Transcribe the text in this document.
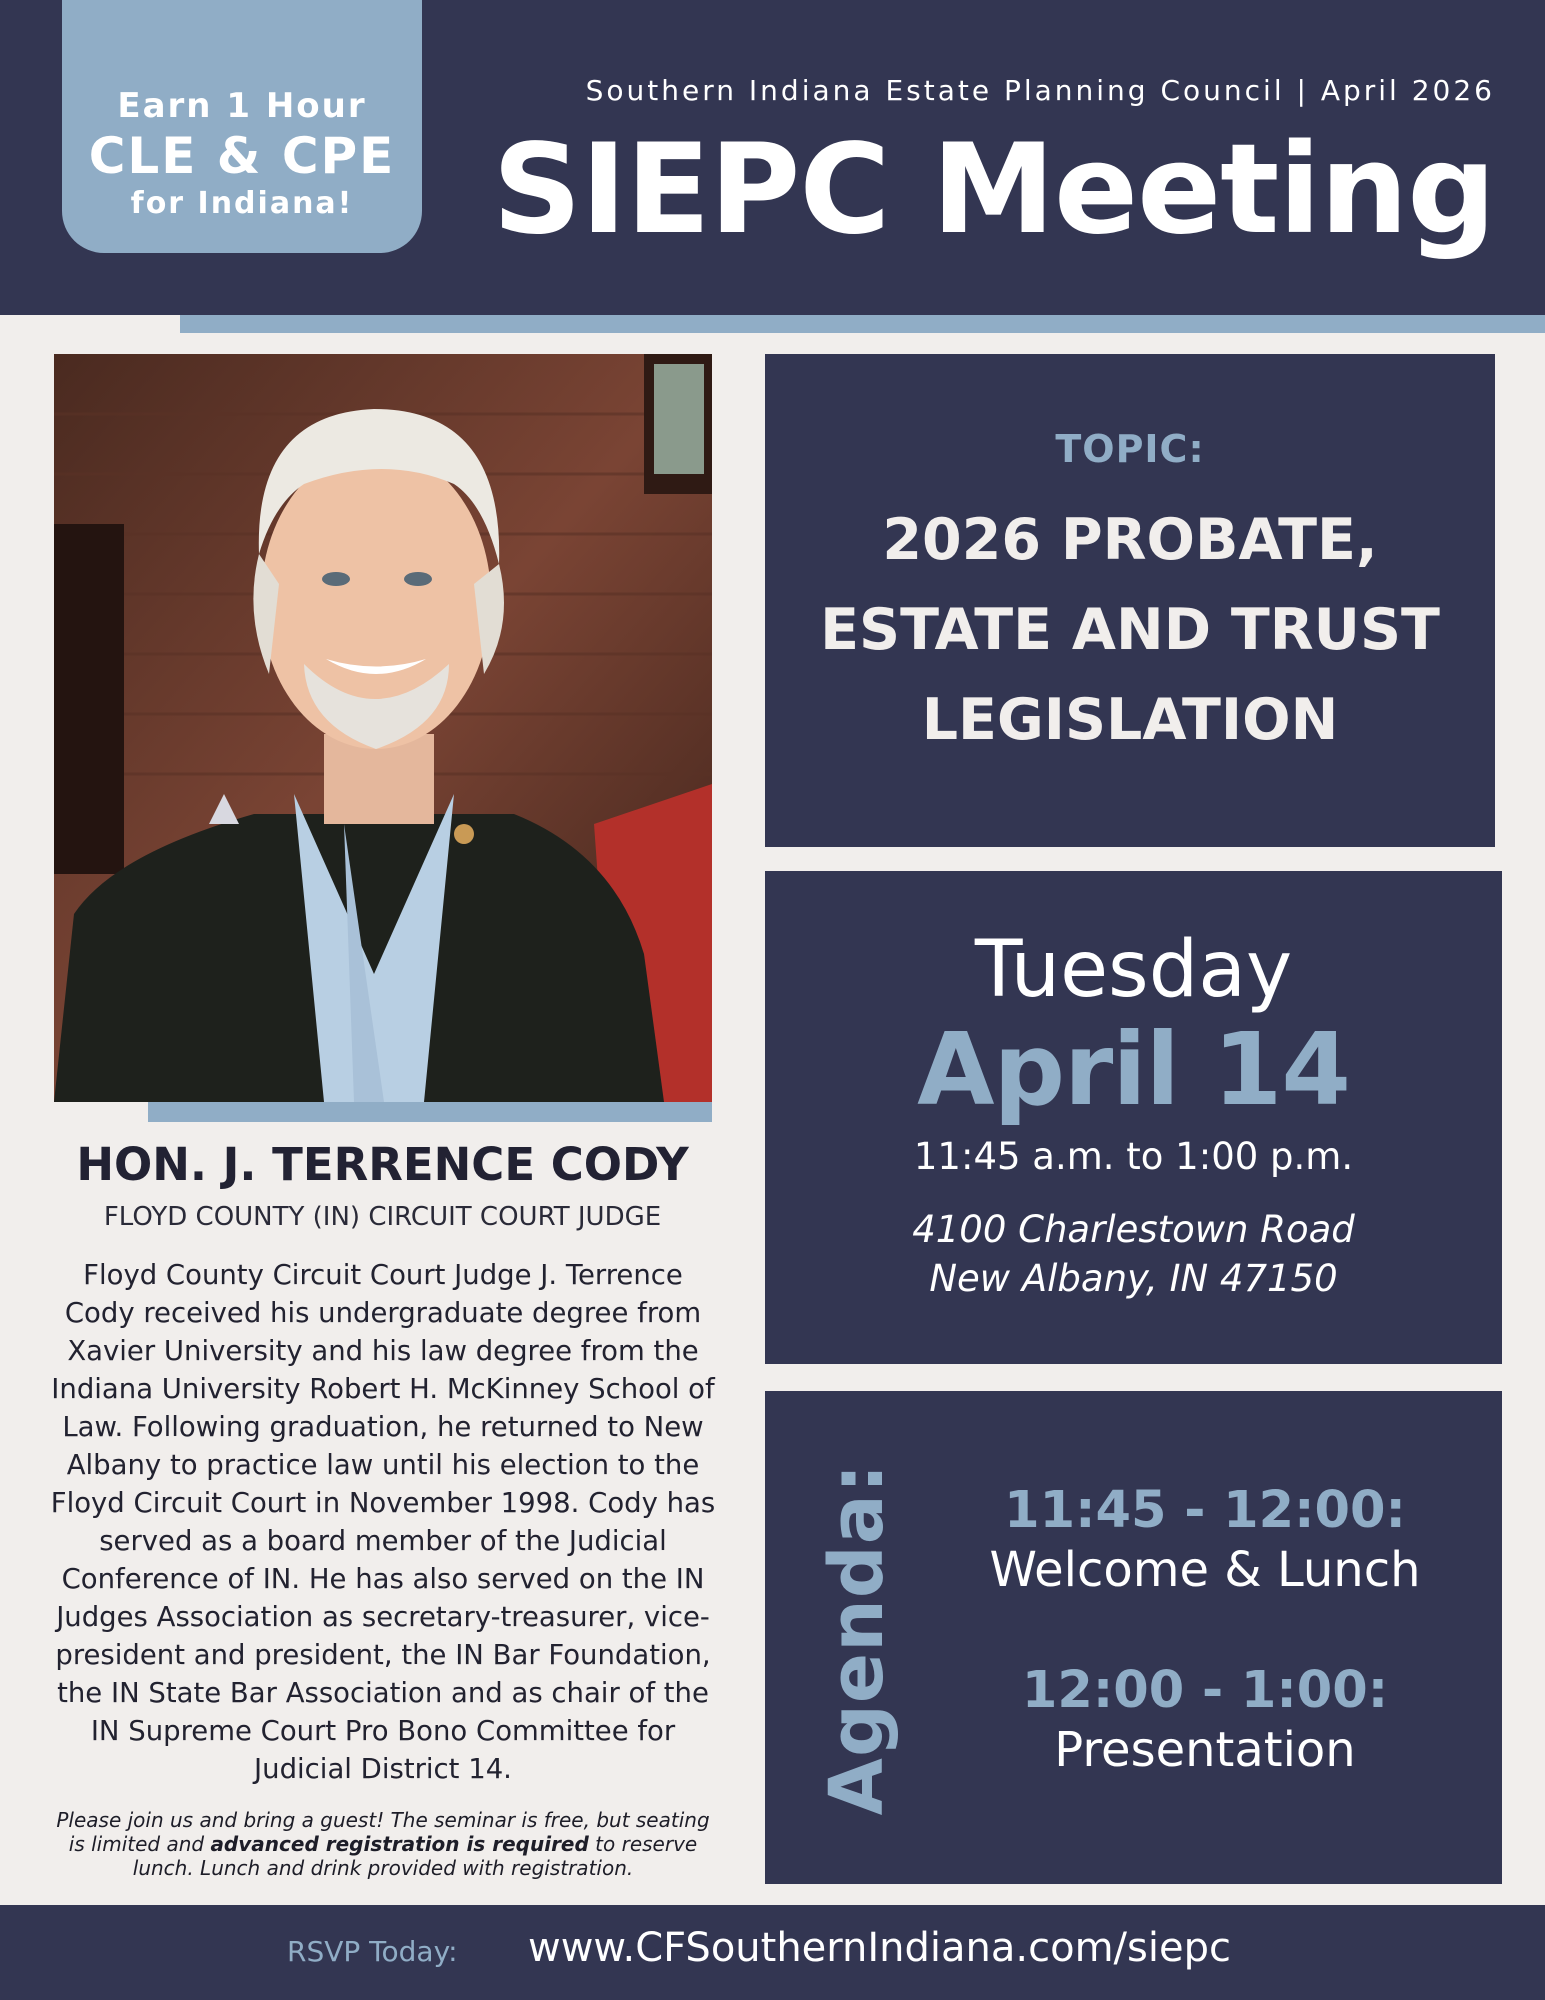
Earn 1 Hour
CLE & CPE
for Indiana!
Southern Indiana Estate Planning Council | April 2026
SIEPC Meeting
HON. J. TERRENCE CODY
FLOYD COUNTY (IN) CIRCUIT COURT JUDGE
Floyd County Circuit Court Judge J. Terrence Cody received his undergraduate degree from Xavier University and his law degree from the Indiana University Robert H. McKinney School of Law. Following graduation, he returned to New Albany to practice law until his election to the Floyd Circuit Court in November 1998. Cody has served as a board member of the Judicial Conference of IN. He has also served on the IN Judges Association as secretary-treasurer, vice-president and president, the IN Bar Foundation, the IN State Bar Association and as chair of the IN Supreme Court Pro Bono Committee for Judicial District 14.
Please join us and bring a guest! The seminar is free, but seating is limited and advanced registration is required to reserve lunch. Lunch and drink provided with registration.
TOPIC:
2026 PROBATE, ESTATE AND TRUST LEGISLATION
Tuesday
April 14
11:45 a.m. to 1:00 p.m.
4100 Charlestown Road
New Albany, IN 47150
Agenda:	11:45 - 12:00:
Welcome & Lunch
12:00 - 1:00:
Presentation
RSVP Today: www.CFSouthernIndiana.com/siepc
